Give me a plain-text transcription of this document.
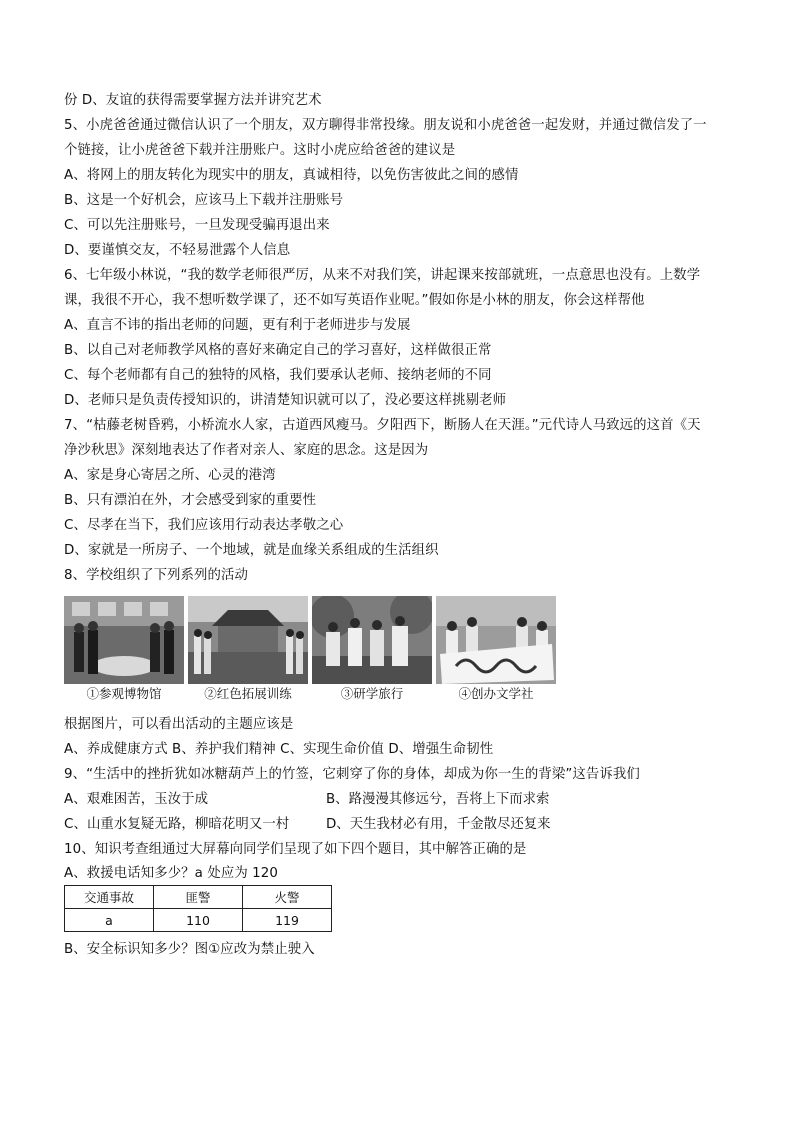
份 D、友谊的获得需要掌握方法并讲究艺术
5、小虎爸爸通过微信认识了一个朋友，双方聊得非常投缘。朋友说和小虎爸爸一起发财，并通过微信发了一
个链接，让小虎爸爸下载并注册账户。这时小虎应给爸爸的建议是
A、将网上的朋友转化为现实中的朋友，真诚相待，以免伤害彼此之间的感情
B、这是一个好机会，应该马上下载并注册账号
C、可以先注册账号，一旦发现受骗再退出来
D、要谨慎交友，不轻易泄露个人信息
6、七年级小林说，“我的数学老师很严厉，从来不对我们笑，讲起课来按部就班，一点意思也没有。上数学
课，我很不开心，我不想听数学课了，还不如写英语作业呢。”假如你是小林的朋友，你会这样帮他
A、直言不讳的指出老师的问题，更有利于老师进步与发展
B、以自己对老师教学风格的喜好来确定自己的学习喜好，这样做很正常
C、每个老师都有自己的独特的风格，我们要承认老师、接纳老师的不同
D、老师只是负责传授知识的，讲清楚知识就可以了，没必要这样挑剔老师
7、“枯藤老树昏鸦，小桥流水人家，古道西风瘦马。夕阳西下，断肠人在天涯。”元代诗人马致远的这首《天
净沙秋思》深刻地表达了作者对亲人、家庭的思念。这是因为
A、家是身心寄居之所、心灵的港湾
B、只有漂泊在外，才会感受到家的重要性
C、尽孝在当下，我们应该用行动表达孝敬之心
D、家就是一所房子、一个地域，就是血缘关系组成的生活组织
8、学校组织了下列系列的活动
①参观博物馆	②红色拓展训练	③研学旅行	④创办文学社
根据图片，可以看出活动的主题应该是
A、养成健康方式 B、养护我们精神 C、实现生命价值 D、增强生命韧性
9、“生活中的挫折犹如冰糖葫芦上的竹签，它刺穿了你的身体，却成为你一生的背梁”这告诉我们
A、艰难困苦，玉汝于成	B、路漫漫其修远兮，吾将上下而求索
C、山重水复疑无路，柳暗花明又一村	D、天生我材必有用，千金散尽还复来
10、知识考查组通过大屏幕向同学们呈现了如下四个题目，其中解答正确的是
A、救援电话知多少？a 处应为 120
交通事故	匪警	火警
a	110	119
B、安全标识知多少？图①应改为禁止驶入
